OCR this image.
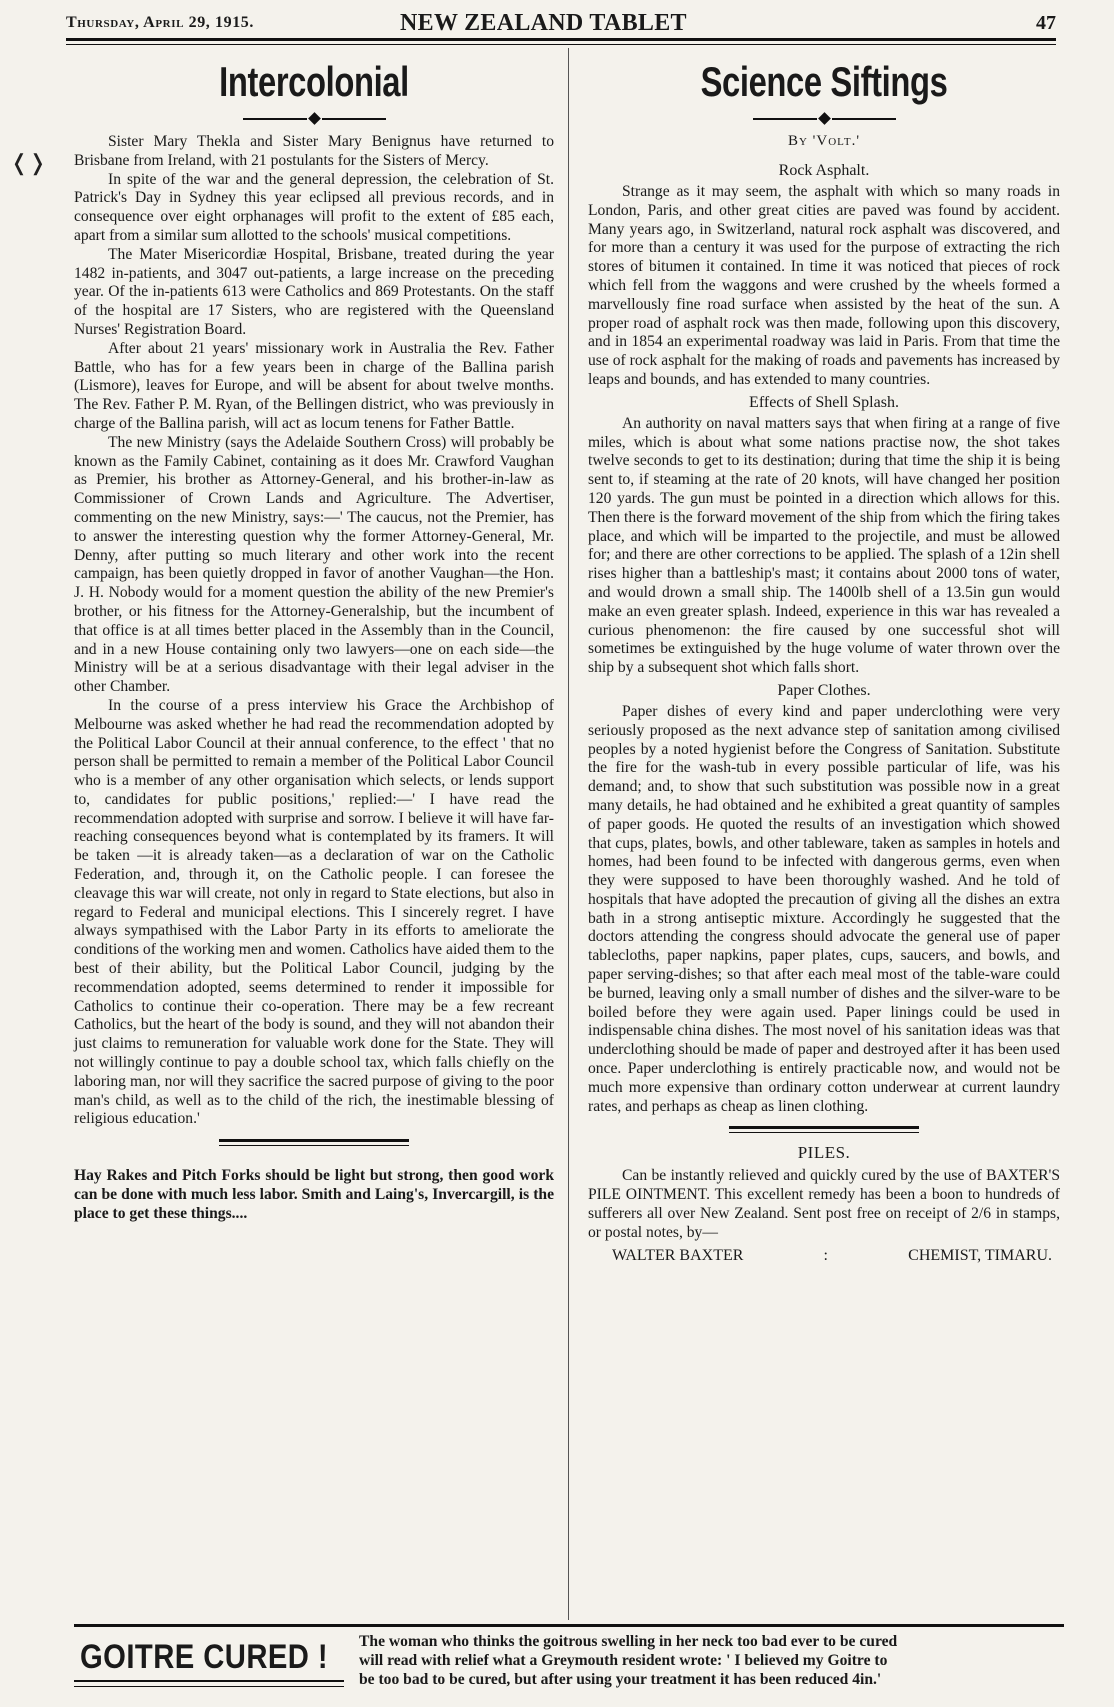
Thursday, April 29, 1915.	NEW ZEALAND TABLET	47
❬❭
Intercolonial

Sister Mary Thekla and Sister Mary Benignus have returned to Brisbane from Ireland, with 21 postulants for the Sisters of Mercy.

In spite of the war and the general depression, the celebration of St. Patrick's Day in Sydney this year eclipsed all previous records, and in consequence over eight orphanages will profit to the extent of £85 each, apart from a similar sum allotted to the schools' musical competitions.

The Mater Misericordiæ Hospital, Brisbane, treated during the year 1482 in-patients, and 3047 out-patients, a large increase on the preceding year. Of the in-patients 613 were Catholics and 869 Protestants. On the staff of the hospital are 17 Sisters, who are registered with the Queensland Nurses' Registration Board.

After about 21 years' missionary work in Australia the Rev. Father Battle, who has for a few years been in charge of the Ballina parish (Lismore), leaves for Europe, and will be absent for about twelve months. The Rev. Father P. M. Ryan, of the Bellingen district, who was previously in charge of the Ballina parish, will act as locum tenens for Father Battle.

The new Ministry (says the Adelaide Southern Cross) will probably be known as the Family Cabinet, containing as it does Mr. Crawford Vaughan as Premier, his brother as Attorney-General, and his brother-in-law as Commissioner of Crown Lands and Agriculture. The Advertiser, commenting on the new Ministry, says:—' The caucus, not the Premier, has to answer the interesting question why the former Attorney-General, Mr. Denny, after putting so much literary and other work into the recent campaign, has been quietly dropped in favor of another Vaughan—the Hon. J. H. Nobody would for a moment question the ability of the new Premier's brother, or his fitness for the Attorney-Generalship, but the incumbent of that office is at all times better placed in the Assembly than in the Council, and in a new House containing only two lawyers—one on each side—the Ministry will be at a serious disadvantage with their legal adviser in the other Chamber.

In the course of a press interview his Grace the Archbishop of Melbourne was asked whether he had read the recommendation adopted by the Political Labor Council at their annual conference, to the effect ' that no person shall be permitted to remain a member of the Political Labor Council who is a member of any other organisation which selects, or lends support to, candidates for public positions,' replied:—' I have read the recommendation adopted with surprise and sorrow. I believe it will have far-reaching consequences beyond what is contemplated by its framers. It will be taken —it is already taken—as a declaration of war on the Catholic Federation, and, through it, on the Catholic people. I can foresee the cleavage this war will create, not only in regard to State elections, but also in regard to Federal and municipal elections. This I sincerely regret. I have always sympathised with the Labor Party in its efforts to ameliorate the conditions of the working men and women. Catholics have aided them to the best of their ability, but the Political Labor Council, judging by the recommendation adopted, seems determined to render it impossible for Catholics to continue their co-operation. There may be a few recreant Catholics, but the heart of the body is sound, and they will not abandon their just claims to remuneration for valuable work done for the State. They will not willingly continue to pay a double school tax, which falls chiefly on the laboring man, nor will they sacrifice the sacred purpose of giving to the poor man's child, as well as to the child of the rich, the inestimable blessing of religious education.'

Hay Rakes and Pitch Forks should be light but strong, then good work can be done with much less labor. Smith and Laing's, Invercargill, is the place to get these things....
Science Siftings
By 'Volt.'
Rock Asphalt.

Strange as it may seem, the asphalt with which so many roads in London, Paris, and other great cities are paved was found by accident. Many years ago, in Switzerland, natural rock asphalt was discovered, and for more than a century it was used for the purpose of extracting the rich stores of bitumen it contained. In time it was noticed that pieces of rock which fell from the waggons and were crushed by the wheels formed a marvellously fine road surface when assisted by the heat of the sun. A proper road of asphalt rock was then made, following upon this discovery, and in 1854 an experimental roadway was laid in Paris. From that time the use of rock asphalt for the making of roads and pavements has increased by leaps and bounds, and has extended to many countries.

Effects of Shell Splash.

An authority on naval matters says that when firing at a range of five miles, which is about what some nations practise now, the shot takes twelve seconds to get to its destination; during that time the ship it is being sent to, if steaming at the rate of 20 knots, will have changed her position 120 yards. The gun must be pointed in a direction which allows for this. Then there is the forward movement of the ship from which the firing takes place, and which will be imparted to the projectile, and must be allowed for; and there are other corrections to be applied. The splash of a 12in shell rises higher than a battleship's mast; it contains about 2000 tons of water, and would drown a small ship. The 1400lb shell of a 13.5in gun would make an even greater splash. Indeed, experience in this war has revealed a curious phenomenon: the fire caused by one successful shot will sometimes be extinguished by the huge volume of water thrown over the ship by a subsequent shot which falls short.

Paper Clothes.

Paper dishes of every kind and paper underclothing were very seriously proposed as the next advance step of sanitation among civilised peoples by a noted hygienist before the Congress of Sanitation. Substitute the fire for the wash-tub in every possible particular of life, was his demand; and, to show that such substitution was possible now in a great many details, he had obtained and he exhibited a great quantity of samples of paper goods. He quoted the results of an investigation which showed that cups, plates, bowls, and other tableware, taken as samples in hotels and homes, had been found to be infected with dangerous germs, even when they were supposed to have been thoroughly washed. And he told of hospitals that have adopted the precaution of giving all the dishes an extra bath in a strong antiseptic mixture. Accordingly he suggested that the doctors attending the congress should advocate the general use of paper tablecloths, paper napkins, paper plates, cups, saucers, and bowls, and paper serving-dishes; so that after each meal most of the table-ware could be burned, leaving only a small number of dishes and the silver-ware to be boiled before they were again used. Paper linings could be used in indispensable china dishes. The most novel of his sanitation ideas was that underclothing should be made of paper and destroyed after it has been used once. Paper underclothing is entirely practicable now, and would not be much more expensive than ordinary cotton underwear at current laundry rates, and perhaps as cheap as linen clothing.

PILES.

Can be instantly relieved and quickly cured by the use of BAXTER'S PILE OINTMENT. This excellent remedy has been a boon to hundreds of sufferers all over New Zealand. Sent post free on receipt of 2/6 in stamps, or postal notes, by—

WALTER BAXTER	:	CHEMIST, TIMARU.
GOITRE CURED ! The woman who thinks the goitrous swelling in her neck too bad ever to be cured
will read with relief what a Greymouth resident wrote: ' I believed my Goitre to
be too bad to be cured, but after using your treatment it has been reduced 4in.'
